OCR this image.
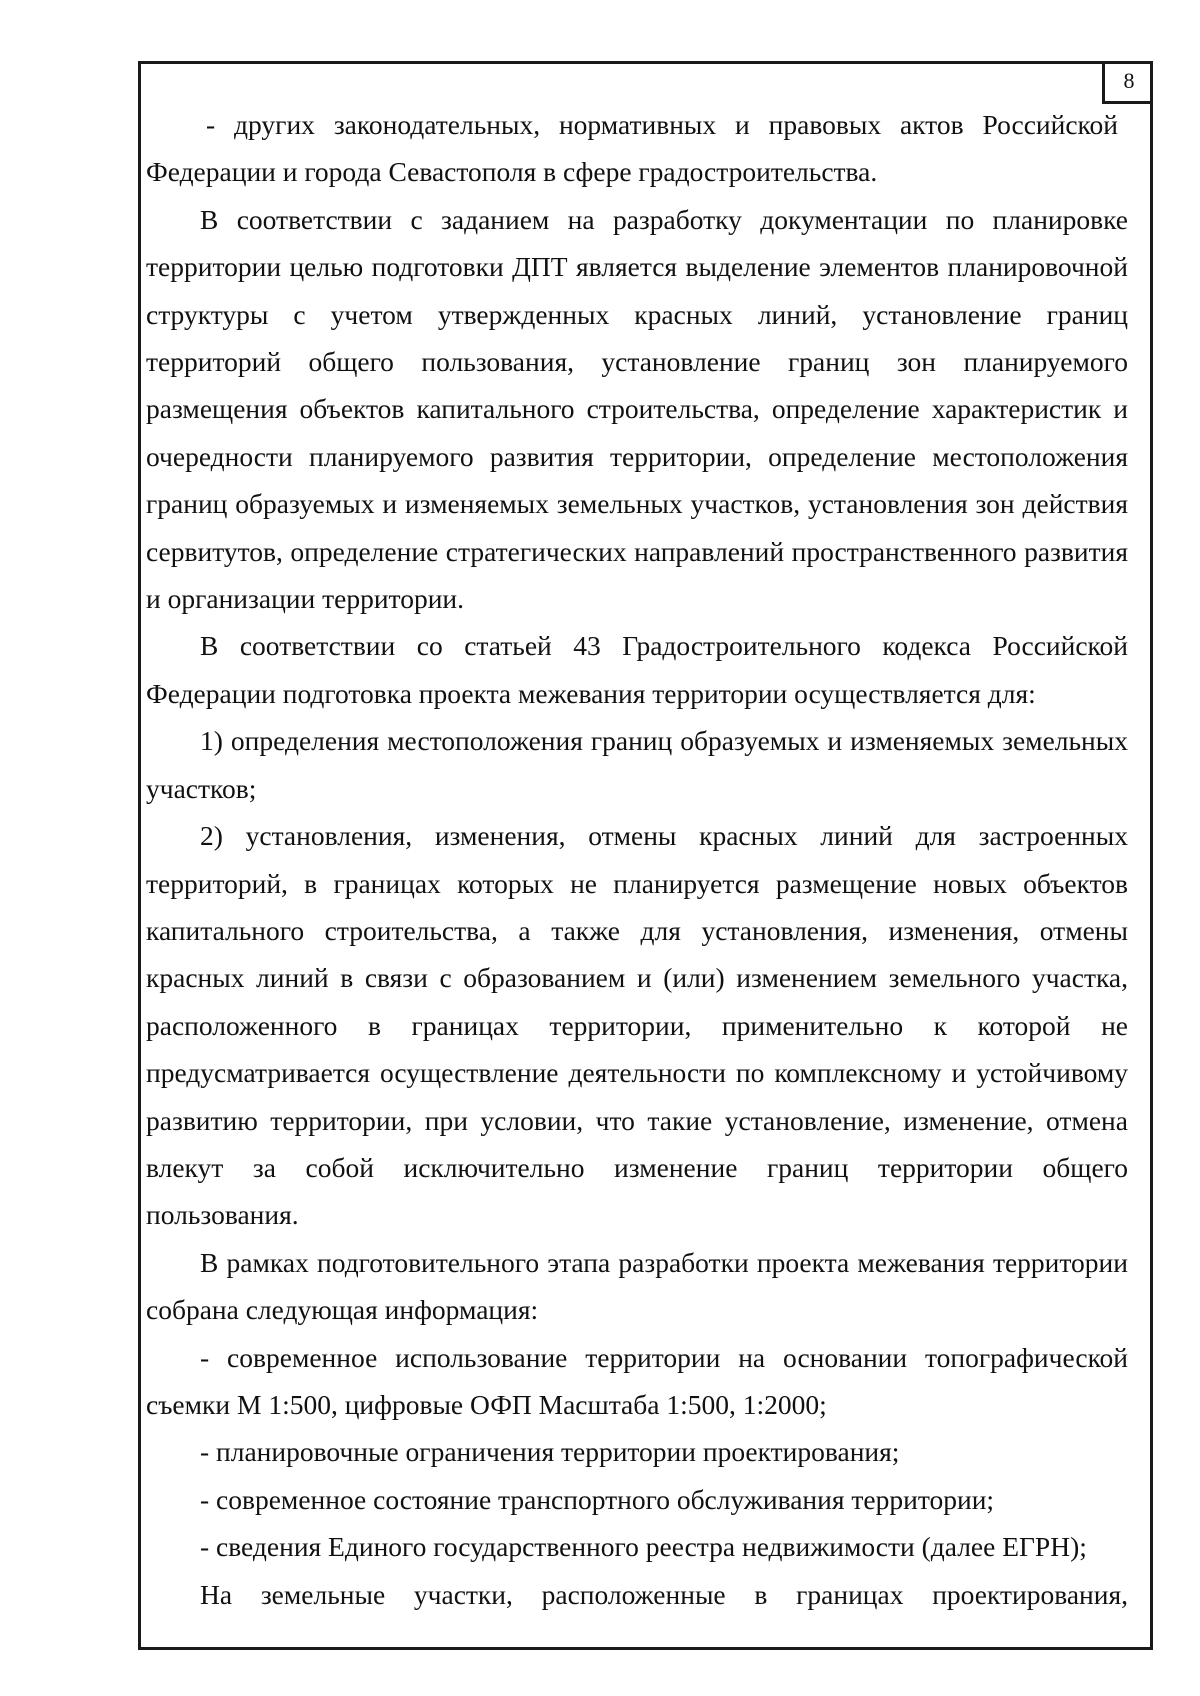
8

- других законодательных, нормативных и правовых актов Российской Федерации и города Севастополя в сфере градостроительства.

В соответствии с заданием на разработку документации по планировке территории целью подготовки ДПТ является выделение элементов планировочной структуры с учетом утвержденных красных линий, установление границ территорий общего пользования, установление границ зон планируемого размещения объектов капитального строительства, определение характеристик и очередности планируемого развития территории, определение местоположения границ образуемых и изменяемых земельных участков, установления зон действия сервитутов, определение стратегических направлений пространственного развития и организации территории.

В соответствии со статьей 43 Градостроительного кодекса Российской Федерации подготовка проекта межевания территории осуществляется для:

1) определения местоположения границ образуемых и изменяемых земельных участков;

2) установления, изменения, отмены красных линий для застроенных территорий, в границах которых не планируется размещение новых объектов капитального строительства, а также для установления, изменения, отмены красных линий в связи с образованием и (или) изменением земельного участка, расположенного в границах территории, применительно к которой не предусматривается осуществление деятельности по комплексному и устойчивому развитию территории, при условии, что такие установление, изменение, отмена влекут за собой исключительно изменение границ территории общего пользования.

В рамках подготовительного этапа разработки проекта межевания территории собрана следующая информация:

- современное использование территории на основании топографической съемки М 1:500, цифровые ОФП Масштаба 1:500, 1:2000;

- планировочные ограничения территории проектирования;

- современное состояние транспортного обслуживания территории;

- сведения Единого государственного реестра недвижимости (далее ЕГРН);

На земельные участки, расположенные в границах проектирования,
